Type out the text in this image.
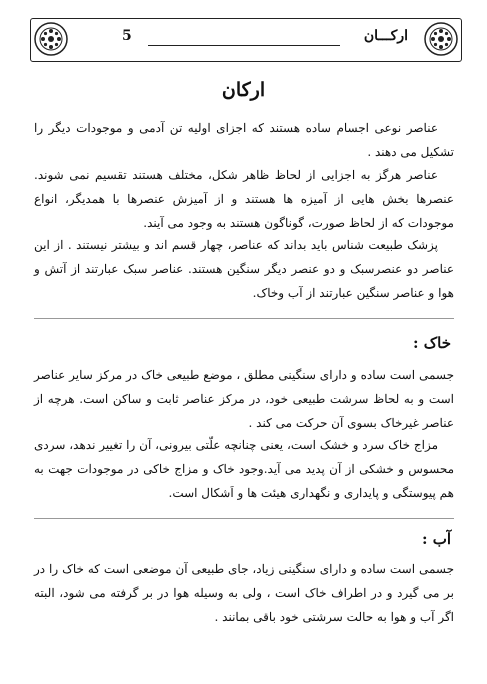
اركـــان
5
اركان

عناصر نوعی اجسام ساده هستند که اجزای اولیه تن آدمی و موجودات دیگر را تشکیل می دهند .

عناصر هرگز به اجزایی از لحاظ ظاهر شکل، مختلف هستند تقسیم نمی شوند. عنصرها بخش هایی از آمیزه ها هستند و از آمیزش عنصرها با همدیگر، انواع موجودات که از لحاظ صورت، گوناگون هستند به وجود می آیند.

پزشک طبیعت شناس باید بداند که عناصر، چهار قسم اند و بیشتر نیستند . از این عناصر دو عنصرسبک و دو عنصر دیگر سنگین هستند. عناصر سبک عبارتند از آتش و هوا و عناصر سنگین عبارتند از آب وخاک.

خاک :

جسمی است ساده و دارای سنگینی مطلق ، موضع طبیعی خاک در مرکز سایر عناصر است و به لحاظ سرشت طبیعی خود، در مرکز عناصر ثابت و ساکن است. هرچه از عناصر غیرخاک بسوی آن حرکت می کند .

مزاج خاک سرد و خشک است، یعنی چنانچه علّتی بیرونی، آن را تغییر ندهد، سردی محسوس و خشکی از آن پدید می آید.وجود خاک و مزاج خاکی در موجودات جهت به هم پیوستگی و پایداری و نگهداری هیئت ها و اَشکال است.

آب :

جسمی است ساده و دارای سنگینی زیاد، جای طبیعی آن موضعی است که خاک را در بر می گیرد و در اطراف خاک است ، ولی به وسیله هوا در بر گرفته می شود، البته اگر آب و هوا به حالت سرشتی خود باقی بمانند .
